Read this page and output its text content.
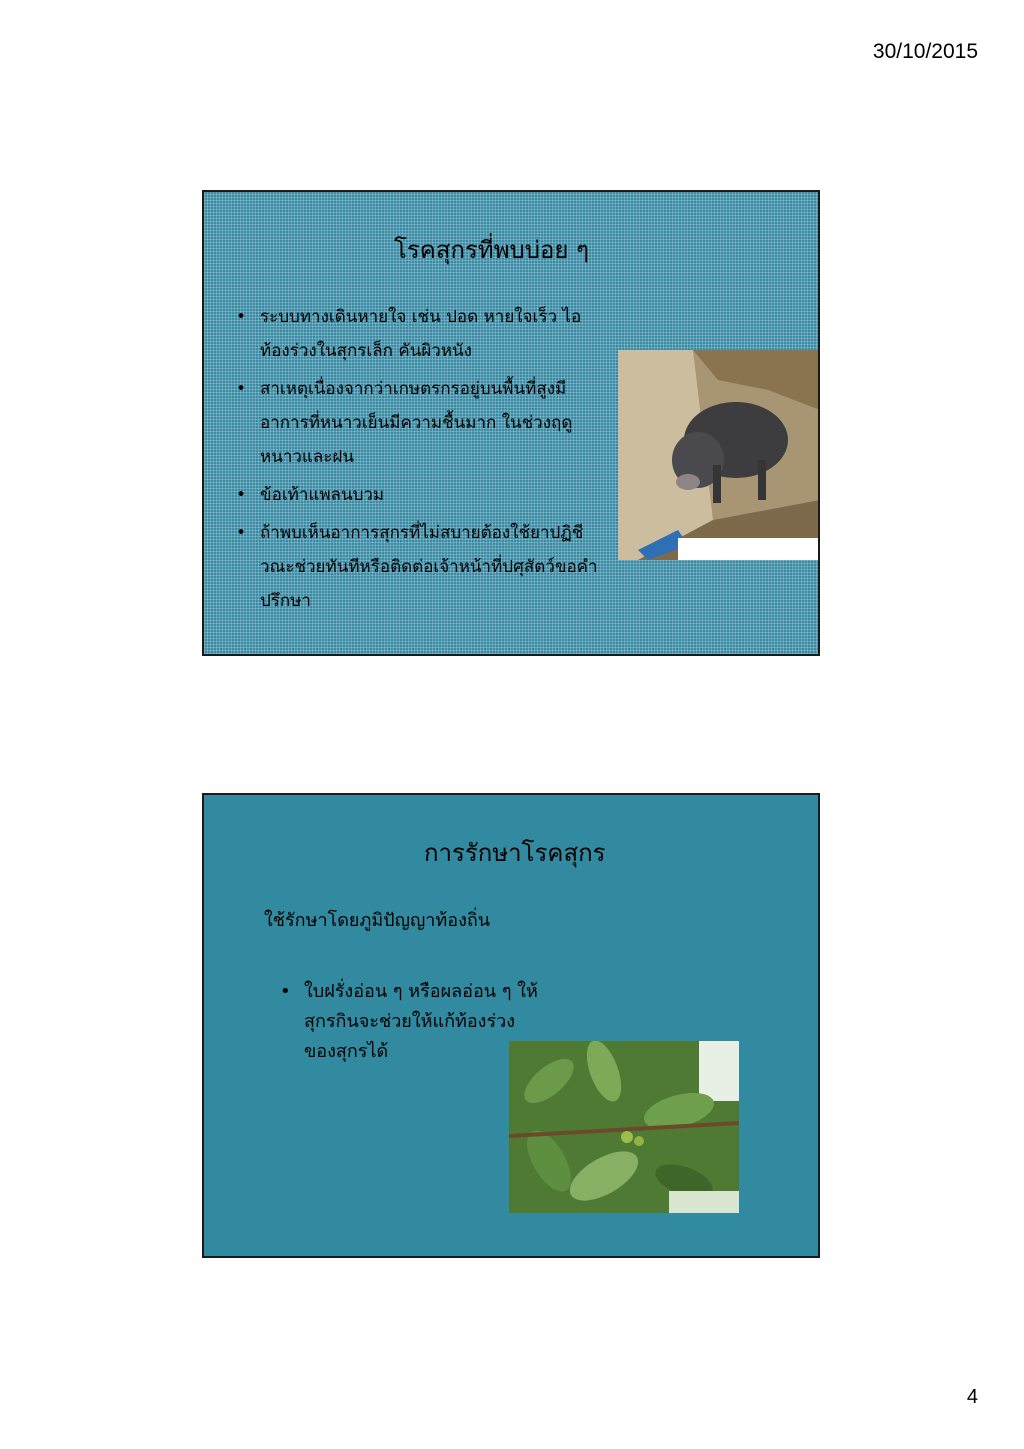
30/10/2015
โรคสุกรที่พบบ่อย ๆ
• ระบบทางเดินหายใจ เช่น ปอด หายใจเร็ว ไอ ท้องร่วงในสุกรเล็ก คันผิวหนัง
• สาเหตุเนื่องจากว่าเกษตรกรอยู่บนพื้นที่สูงมีอาการที่หนาวเย็นมีความชื้นมาก ในช่วงฤดูหนาวและฝน
• ข้อเท้าแพลนบวม
• ถ้าพบเห็นอาการสุกรที่ไม่สบายต้องใช้ยาปฏิชีวณะช่วยทันทีหรือติดต่อเจ้าหน้าที่ปศุสัตว์ขอคำปรึกษา
การรักษาโรคสุกร
ใช้รักษาโดยภูมิปัญญาท้องถิ่น
• ใบฝรั่งอ่อน ๆ หรือผลอ่อน ๆ ให้สุกรกินจะช่วยให้แก้ท้องร่วงของสุกรได้
4
